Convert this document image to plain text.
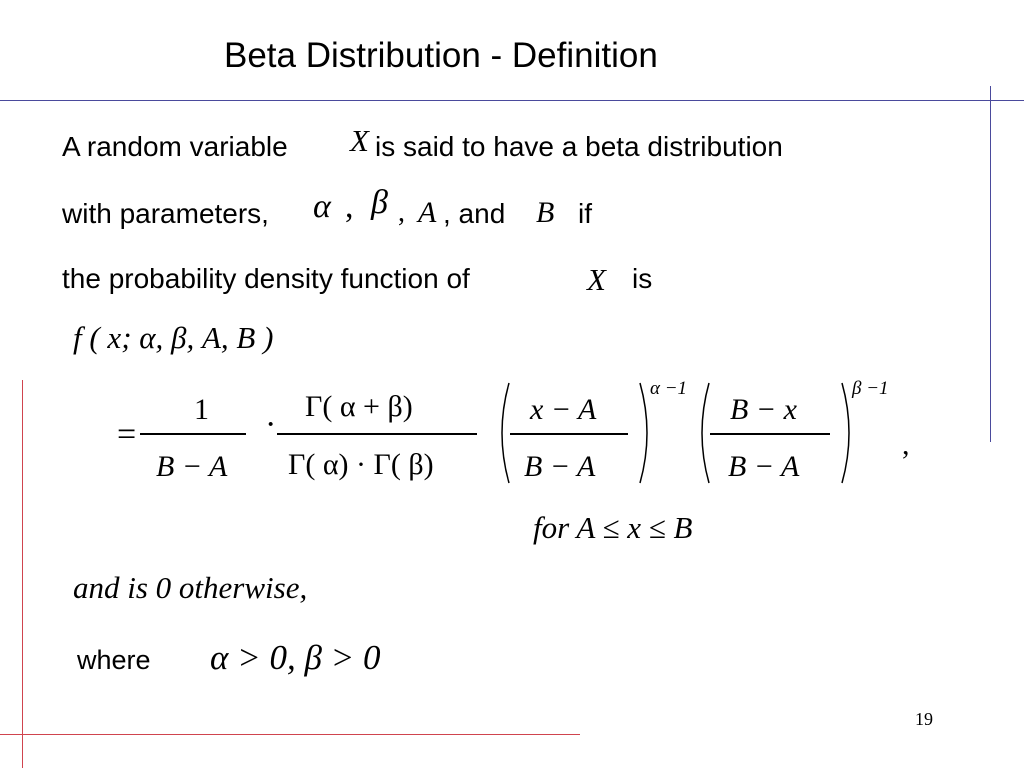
Beta Distribution - Definition
A random variable X is said to have a beta distribution
with parameters, α , β , A , and B if
the probability density function of	X is
f ( x; α, β, A, B )
=
1
B − A
· Γ( α + β)
Γ( α) · Γ( β)
x − A
B − A
α −1
B − x
B − A
β −1
,
for A ≤ x ≤ B
and is 0 otherwise,
where α > 0, β > 0
19
